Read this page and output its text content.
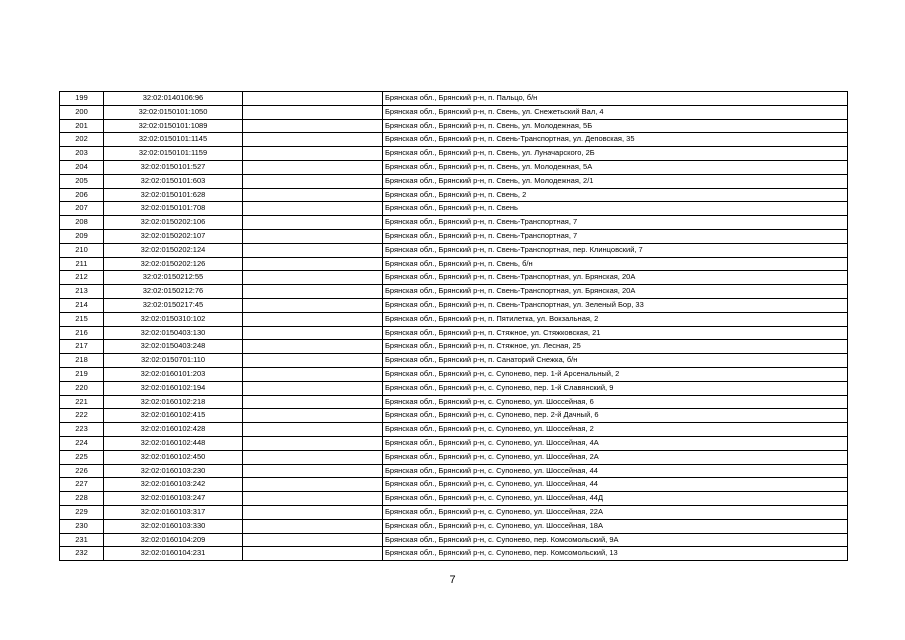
199	32:02:0140106:96		Брянская обл., Брянский р-н, п. Пальцо, б/н
200	32:02:0150101:1050		Брянская обл., Брянский р-н, п. Свень, ул. Снежетьский Вал, 4
201	32:02:0150101:1089		Брянская обл., Брянский р-н, п. Свень, ул. Молодежная, 5Б
202	32:02:0150101:1145		Брянская обл., Брянский р-н, п. Свень-Транспортная, ул. Деповская, 35
203	32:02:0150101:1159		Брянская обл., Брянский р-н, п. Свень, ул. Луначарского, 2Б
204	32:02:0150101:527		Брянская обл., Брянский р-н, п. Свень, ул. Молодежная, 5А
205	32:02:0150101:603		Брянская обл., Брянский р-н, п. Свень, ул. Молодежная, 2/1
206	32:02:0150101:628		Брянская обл., Брянский р-н, п. Свень, 2
207	32:02:0150101:708		Брянская обл., Брянский р-н, п. Свень
208	32:02:0150202:106		Брянская обл., Брянский р-н, п. Свень-Транспортная, 7
209	32:02:0150202:107		Брянская обл., Брянский р-н, п. Свень-Транспортная, 7
210	32:02:0150202:124		Брянская обл., Брянский р-н, п. Свень-Транспортная, пер. Клинцовский, 7
211	32:02:0150202:126		Брянская обл., Брянский р-н, п. Свень, б/н
212	32:02:0150212:55		Брянская обл., Брянский р-н, п. Свень-Транспортная, ул. Брянская, 20А
213	32:02:0150212:76		Брянская обл., Брянский р-н, п. Свень-Транспортная, ул. Брянская, 20А
214	32:02:0150217:45		Брянская обл., Брянский р-н, п. Свень-Транспортная, ул. Зеленый Бор, 33
215	32:02:0150310:102		Брянская обл., Брянский р-н, п. Пятилетка, ул. Вокзальная, 2
216	32:02:0150403:130		Брянская обл., Брянский р-н, п. Стяжное, ул. Стяжковская, 21
217	32:02:0150403:248		Брянская обл., Брянский р-н, п. Стяжное, ул. Лесная, 25
218	32:02:0150701:110		Брянская обл., Брянский р-н, п. Санаторий Снежка, б/н
219	32:02:0160101:203		Брянская обл., Брянский р-н, с. Супонево, пер. 1-й Арсенальный, 2
220	32:02:0160102:194		Брянская обл., Брянский р-н, с. Супонево, пер. 1-й Славянский, 9
221	32:02:0160102:218		Брянская обл., Брянский р-н, с. Супонево, ул. Шоссейная, 6
222	32:02:0160102:415		Брянская обл., Брянский р-н, с. Супонево, пер. 2-й Дачный, 6
223	32:02:0160102:428		Брянская обл., Брянский р-н, с. Супонево, ул. Шоссейная, 2
224	32:02:0160102:448		Брянская обл., Брянский р-н, с. Супонево, ул. Шоссейная, 4А
225	32:02:0160102:450		Брянская обл., Брянский р-н, с. Супонево, ул. Шоссейная, 2А
226	32:02:0160103:230		Брянская обл., Брянский р-н, с. Супонево, ул. Шоссейная, 44
227	32:02:0160103:242		Брянская обл., Брянский р-н, с. Супонево, ул. Шоссейная, 44
228	32:02:0160103:247		Брянская обл., Брянский р-н, с. Супонево, ул. Шоссейная, 44Д
229	32:02:0160103:317		Брянская обл., Брянский р-н, с. Супонево, ул. Шоссейная, 22А
230	32:02:0160103:330		Брянская обл., Брянский р-н, с. Супонево, ул. Шоссейная, 18А
231	32:02:0160104:209		Брянская обл., Брянский р-н, с. Супонево, пер. Комсомольский, 9А
232	32:02:0160104:231		Брянская обл., Брянский р-н, с. Супонево, пер. Комсомольский, 13
7
